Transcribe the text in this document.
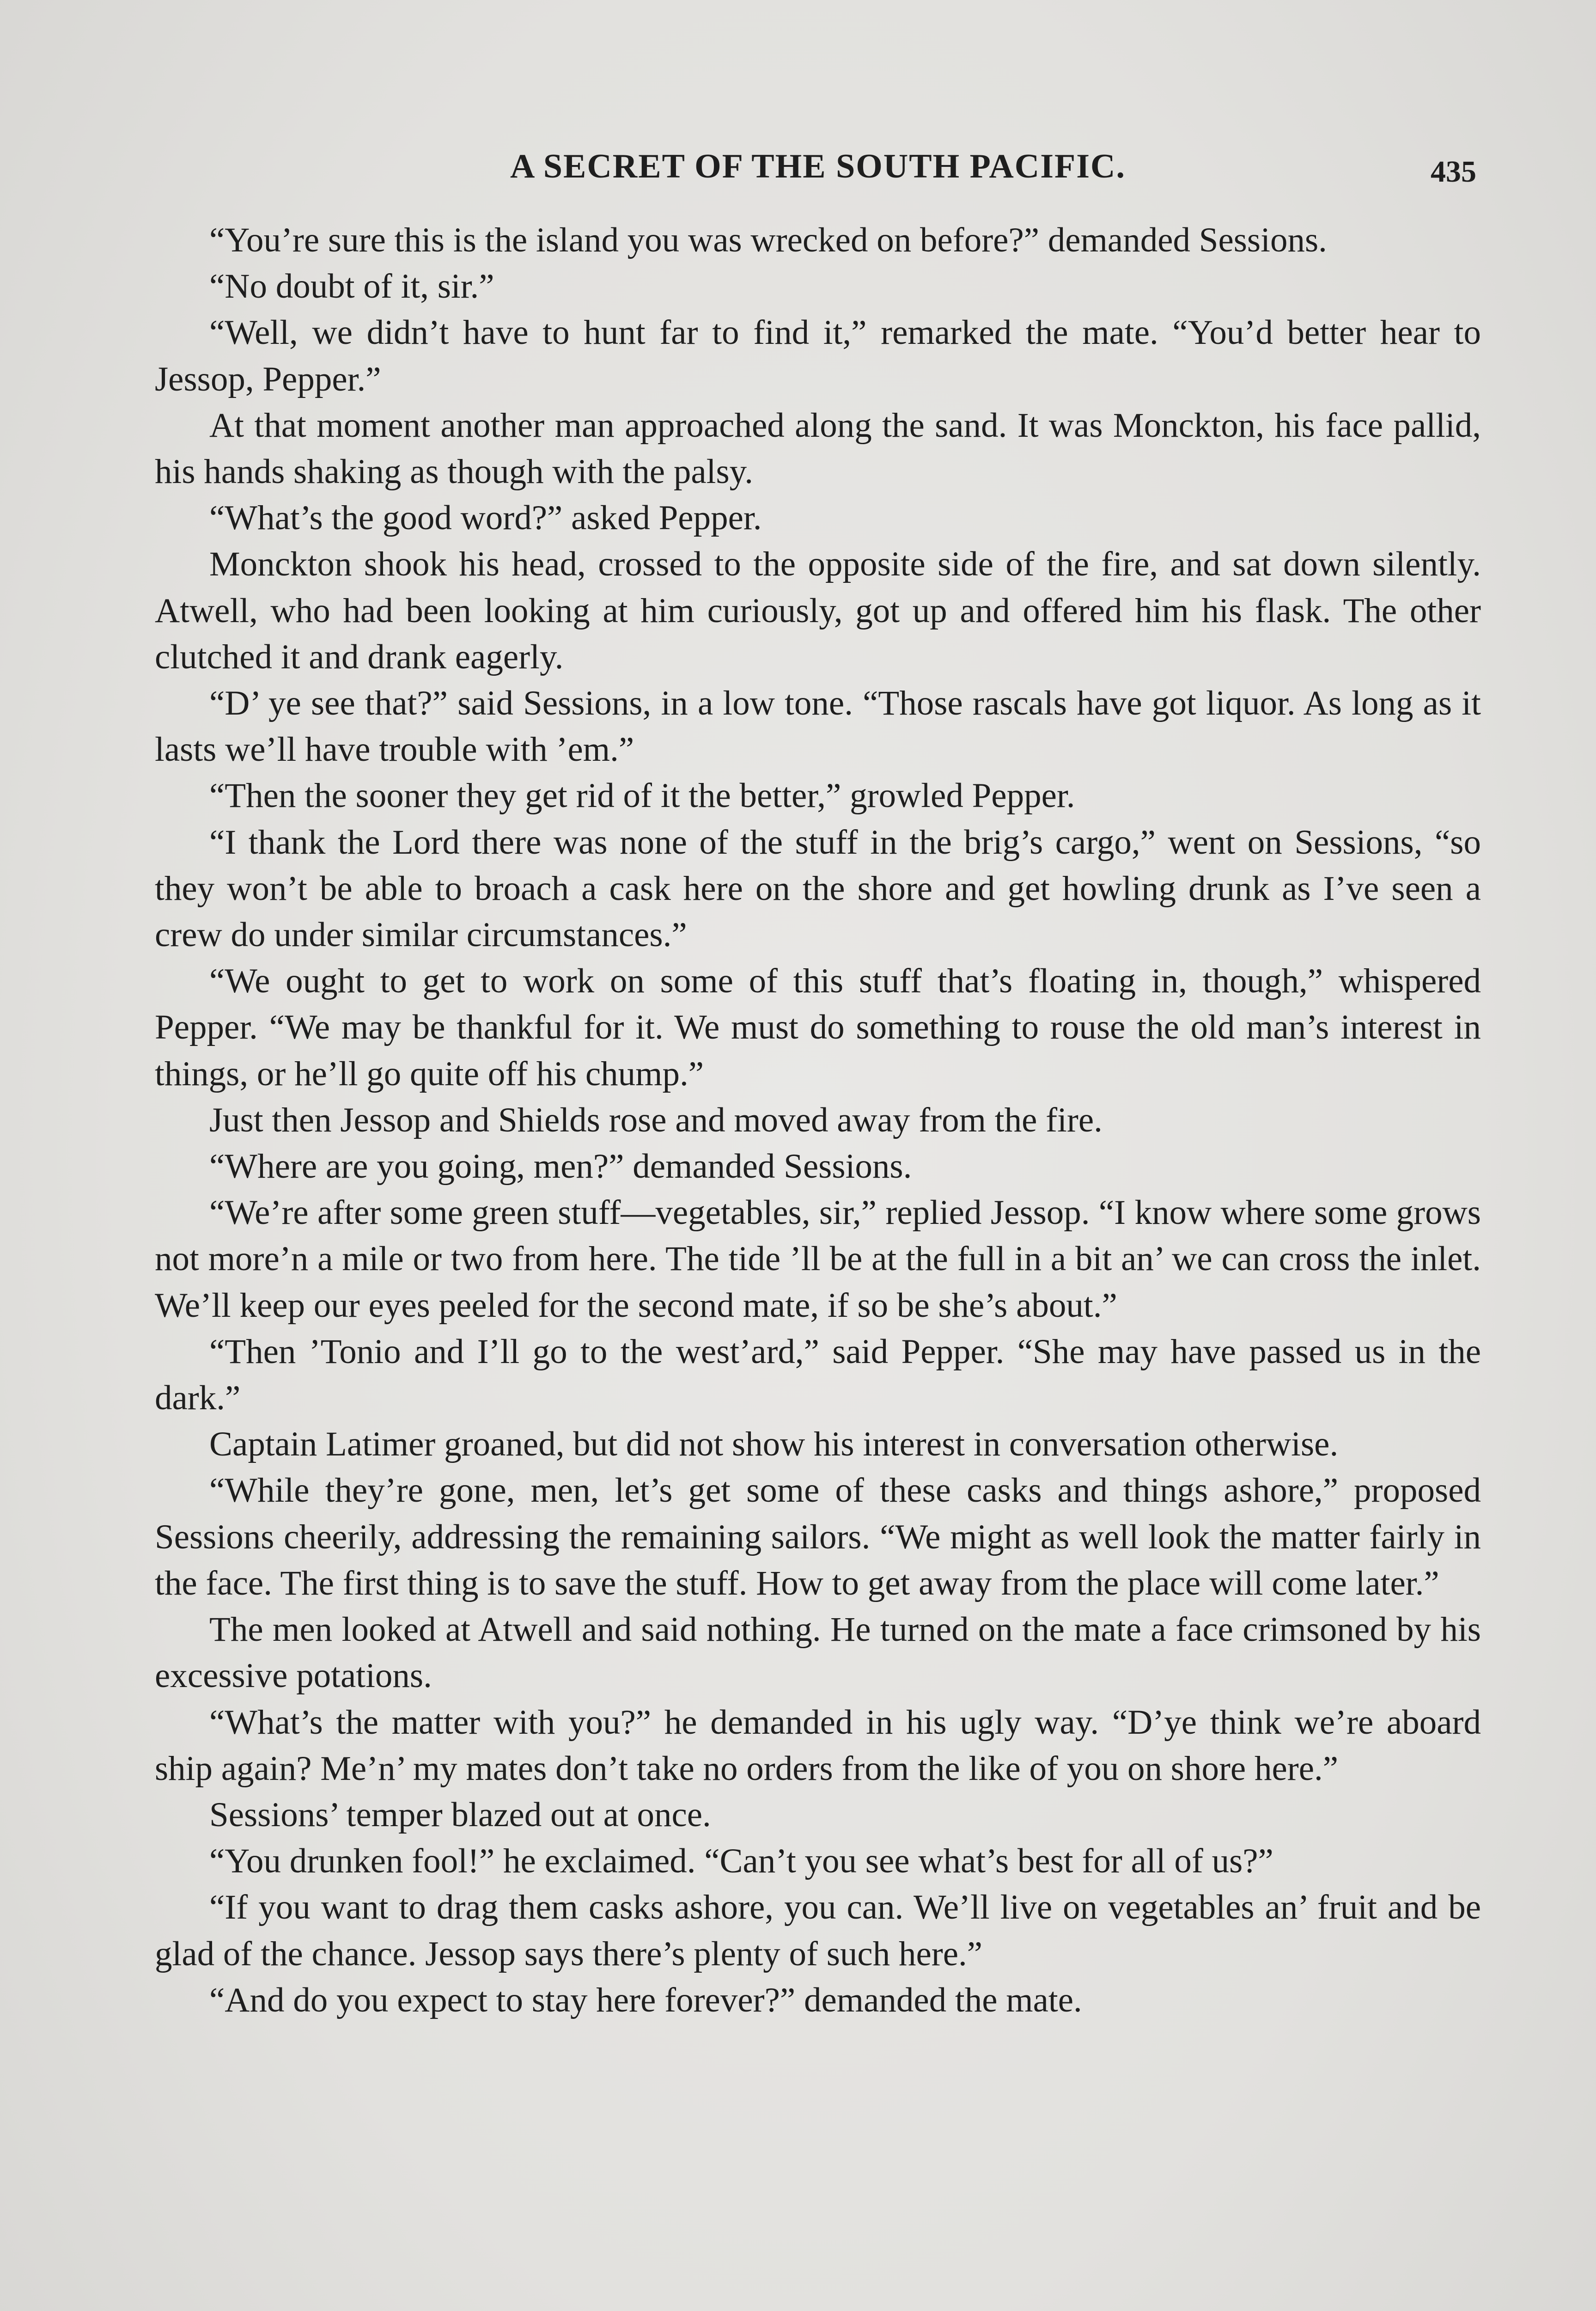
A SECRET OF THE SOUTH PACIFIC.	435

“You’re sure this is the island you was wrecked on before?” demanded Sessions.

“No doubt of it, sir.”

“Well, we didn’t have to hunt far to find it,” remarked the mate. “You’d better hear to Jessop, Pepper.”

At that moment another man approached along the sand. It was Monckton, his face pallid, his hands shaking as though with the palsy.

“What’s the good word?” asked Pepper.

Monckton shook his head, crossed to the opposite side of the fire, and sat down silently. Atwell, who had been looking at him curiously, got up and offered him his flask. The other clutched it and drank eagerly.

“D’ ye see that?” said Sessions, in a low tone. “Those rascals have got liquor. As long as it lasts we’ll have trouble with ’em.”

“Then the sooner they get rid of it the better,” growled Pepper.

“I thank the Lord there was none of the stuff in the brig’s cargo,” went on Sessions, “so they won’t be able to broach a cask here on the shore and get howling drunk as I’ve seen a crew do under similar circumstances.”

“We ought to get to work on some of this stuff that’s floating in, though,” whispered Pepper. “We may be thankful for it. We must do something to rouse the old man’s interest in things, or he’ll go quite off his chump.”

Just then Jessop and Shields rose and moved away from the fire.

“Where are you going, men?” demanded Sessions.

“We’re after some green stuff—vegetables, sir,” replied Jessop. “I know where some grows not more’n a mile or two from here. The tide ’ll be at the full in a bit an’ we can cross the inlet. We’ll keep our eyes peeled for the second mate, if so be she’s about.”

“Then ’Tonio and I’ll go to the west’ard,” said Pepper. “She may have passed us in the dark.”

Captain Latimer groaned, but did not show his interest in conversation otherwise.

“While they’re gone, men, let’s get some of these casks and things ashore,” proposed Sessions cheerily, addressing the remaining sailors. “We might as well look the matter fairly in the face. The first thing is to save the stuff. How to get away from the place will come later.”

The men looked at Atwell and said nothing. He turned on the mate a face crimsoned by his excessive potations.

“What’s the matter with you?” he demanded in his ugly way. “D’ye think we’re aboard ship again? Me’n’ my mates don’t take no orders from the like of you on shore here.”

Sessions’ temper blazed out at once.

“You drunken fool!” he exclaimed. “Can’t you see what’s best for all of us?”

“If you want to drag them casks ashore, you can. We’ll live on vegetables an’ fruit and be glad of the chance. Jessop says there’s plenty of such here.”

“And do you expect to stay here forever?” demanded the mate.
